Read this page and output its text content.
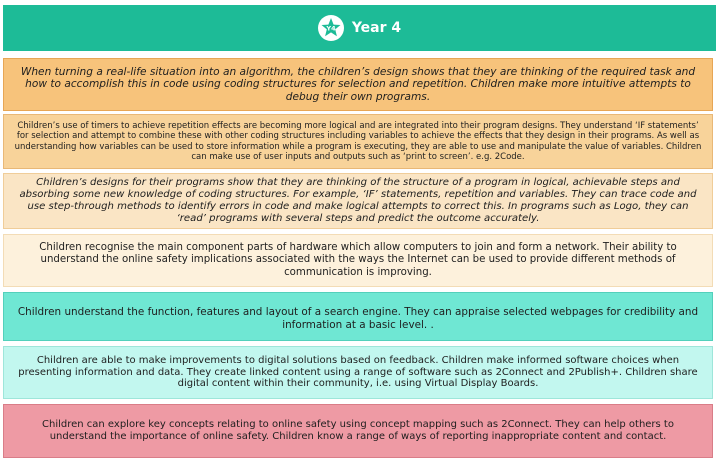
Y4 Year 4
When turning a real-life situation into an algorithm, the children’s design shows that they are thinking of the required task and how to accomplish this in code using coding structures for selection and repetition. Children make more intuitive attempts to debug their own programs.
Children’s use of timers to achieve repetition effects are becoming more logical and are integrated into their program designs. They understand ‘IF statements’ for selection and attempt to combine these with other coding structures including variables to achieve the effects that they design in their programs. As well as understanding how variables can be used to store information while a program is executing, they are able to use and manipulate the value of variables. Children can make use of user inputs and outputs such as ‘print to screen’. e.g. 2Code.
Children’s designs for their programs show that they are thinking of the structure of a program in logical, achievable steps and absorbing some new knowledge of coding structures. For example, ‘IF’ statements, repetition and variables. They can trace code and use step-through methods to identify errors in code and make logical attempts to correct this. In programs such as Logo, they can ‘read’ programs with several steps and predict the outcome accurately.
Children recognise the main component parts of hardware which allow computers to join and form a network. Their ability to understand the online safety implications associated with the ways the Internet can be used to provide different methods of communication is improving.
Children understand the function, features and layout of a search engine. They can appraise selected webpages for credibility and information at a basic level. .
Children are able to make improvements to digital solutions based on feedback. Children make informed software choices when presenting information and data. They create linked content using a range of software such as 2Connect and 2Publish+. Children share digital content within their community, i.e. using Virtual Display Boards.
Children can explore key concepts relating to online safety using concept mapping such as 2Connect. They can help others to understand the importance of online safety. Children know a range of ways of reporting inappropriate content and contact.
